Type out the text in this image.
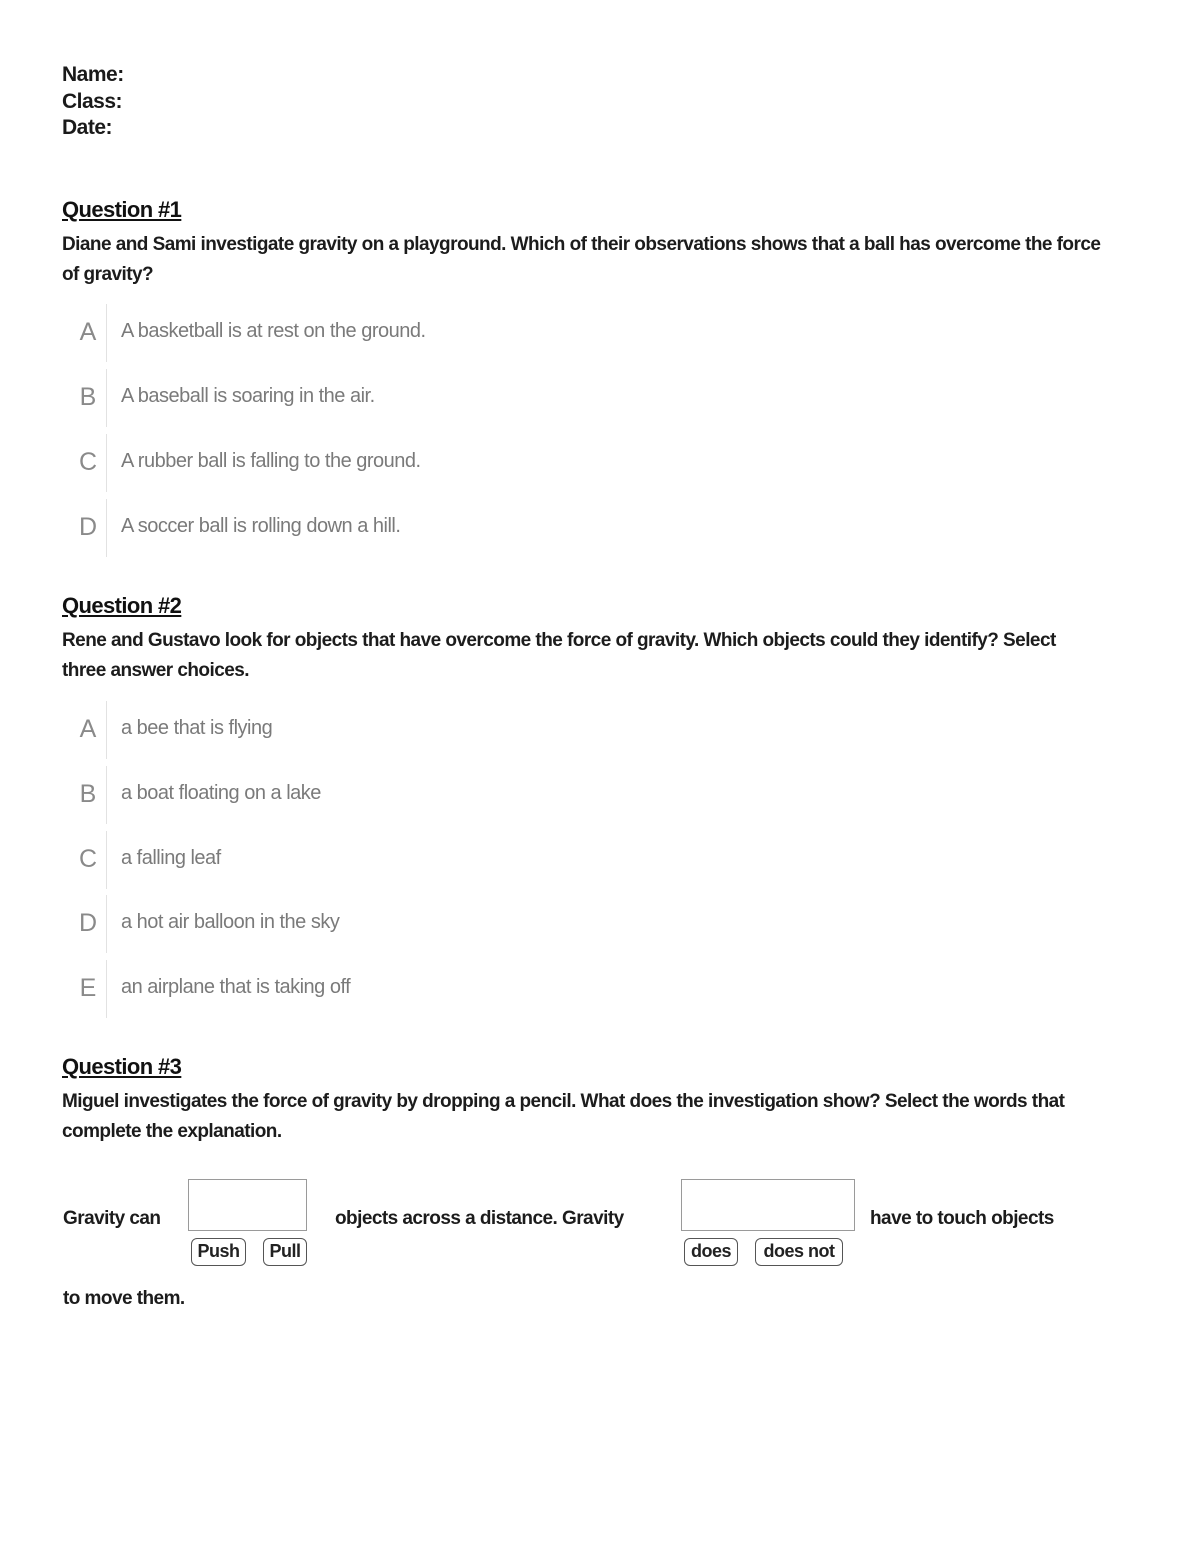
Name:
Class:
Date:
Question #1
Diane and Sami investigate gravity on a playground. Which of their observations shows that a ball has overcome the force of gravity?
A A basketball is at rest on the ground.
B A baseball is soaring in the air.
C A rubber ball is falling to the ground.
D A soccer ball is rolling down a hill.
Question #2
Rene and Gustavo look for objects that have overcome the force of gravity. Which objects could they identify? Select three answer choices.
A a bee that is flying
B a boat floating on a lake
C a falling leaf
D a hot air balloon in the sky
E an airplane that is taking off
Question #3
Miguel investigates the force of gravity by dropping a pencil. What does the investigation show? Select the words that complete the explanation.
Gravity can
Push	Pull
objects across a distance. Gravity
does	does not
have to touch objects
to move them.
